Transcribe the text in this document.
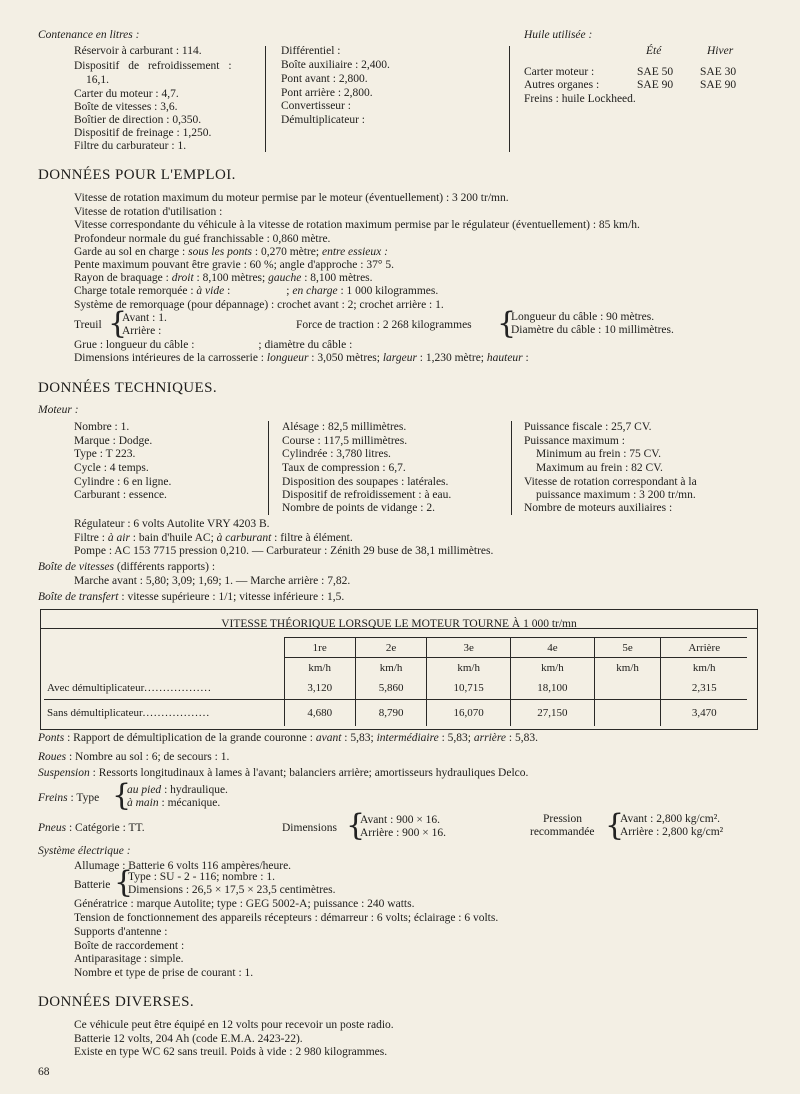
Contenance en litres :
Réservoir à carburant : 114.
Dispositif de refroidissement :
16,1.
Carter du moteur : 4,7.
Boîte de vitesses : 3,6.
Boîtier de direction : 0,350.
Dispositif de freinage : 1,250.
Filtre du carburateur : 1.
Différentiel :
Boîte auxiliaire : 2,400.
Pont avant : 2,800.
Pont arrière : 2,800.
Convertisseur :
Démultiplicateur :
Huile utilisée :
Été	Hiver
Carter moteur :	SAE 50 SAE 30
Autres organes :	SAE 90 SAE 90
Freins : huile Lockheed.
DONNÉES POUR L'EMPLOI.
Vitesse de rotation maximum du moteur permise par le moteur (éventuellement) : 3 200 tr/mn.
Vitesse de rotation d'utilisation :
Vitesse correspondante du véhicule à la vitesse de rotation maximum permise par le régulateur (éventuellement) : 85 km/h.
Profondeur normale du gué franchissable : 0,860 mètre.
Garde au sol en charge : sous les ponts : 0,270 mètre; entre essieux :
Pente maximum pouvant être gravie : 60 %; angle d'approche : 37° 5.
Rayon de braquage : droit : 8,100 mètres; gauche : 8,100 mètres.
Charge totale remorquée : à vide :	; en charge : 1 000 kilogrammes.
Système de remorquage (pour dépannage) : crochet avant : 2; crochet arrière : 1.
Treuil {
Avant : 1.
Arrière :	Force de traction : 2 268 kilogrammes {
Longueur du câble : 90 mètres.
Diamètre du câble : 10 millimètres.
Grue : longueur du câble :	; diamètre du câble :
Dimensions intérieures de la carrosserie : longueur : 3,050 mètres; largeur : 1,230 mètre; hauteur :
DONNÉES TECHNIQUES.
Moteur :
Nombre : 1.
Marque : Dodge.
Type : T 223.
Cycle : 4 temps.
Cylindre : 6 en ligne.
Carburant : essence.
Alésage : 82,5 millimètres.
Course : 117,5 millimètres.
Cylindrée : 3,780 litres.
Taux de compression : 6,7.
Disposition des soupapes : latérales.
Dispositif de refroidissement : à eau.
Nombre de points de vidange : 2.
Puissance fiscale : 25,7 CV.
Puissance maximum :
Minimum au frein : 75 CV.
Maximum au frein : 82 CV.
Vitesse de rotation correspondant à la
puissance maximum : 3 200 tr/mn.
Nombre de moteurs auxiliaires :
Régulateur : 6 volts Autolite VRY 4203 B.
Filtre : à air : bain d'huile AC; à carburant : filtre à élément.
Pompe : AC 153 7715 pression 0,210. — Carburateur : Zénith 29 buse de 38,1 millimètres.
Boîte de vitesses (différents rapports) :
Marche avant : 5,80; 3,09; 1,69; 1. — Marche arrière : 7,82.
Boîte de transfert : vitesse supérieure : 1/1; vitesse inférieure : 1,5.
VITESSE THÉORIQUE LORSQUE LE MOTEUR TOURNE À 1 000 tr/mn
	1re	2e	3e	4e	5e	Arrière
	km/h	km/h	km/h	km/h	km/h	km/h
Avec démultiplicateur..................	3,120	5,860	10,715	18,100		2,315
Sans démultiplicateur..................	4,680	8,790	16,070	27,150		3,470
Ponts : Rapport de démultiplication de la grande couronne : avant : 5,83; intermédiaire : 5,83; arrière : 5,83.
Roues : Nombre au sol : 6; de secours : 1.
Suspension : Ressorts longitudinaux à lames à l'avant; balanciers arrière; amortisseurs hydrauliques Delco.
Freins : Type {
au pied : hydraulique.
à main : mécanique.
Pneus : Catégorie : TT.	Dimensions {
Avant : 900 × 16.
Arrière : 900 × 16.
Pression
recommandée {
Avant : 2,800 kg/cm².
Arrière : 2,800 kg/cm²
Système électrique :
Allumage : Batterie 6 volts 116 ampères/heure.
Batterie {
Type : SU - 2 - 116; nombre : 1.
Dimensions : 26,5 × 17,5 × 23,5 centimètres.
Génératrice : marque Autolite; type : GEG 5002-A; puissance : 240 watts.
Tension de fonctionnement des appareils récepteurs : démarreur : 6 volts; éclairage : 6 volts.
Supports d'antenne :
Boîte de raccordement :
Antiparasitage : simple.
Nombre et type de prise de courant : 1.
DONNÉES DIVERSES.
Ce véhicule peut être équipé en 12 volts pour recevoir un poste radio.
Batterie 12 volts, 204 Ah (code E.M.A. 2423-22).
Existe en type WC 62 sans treuil. Poids à vide : 2 980 kilogrammes.
68
